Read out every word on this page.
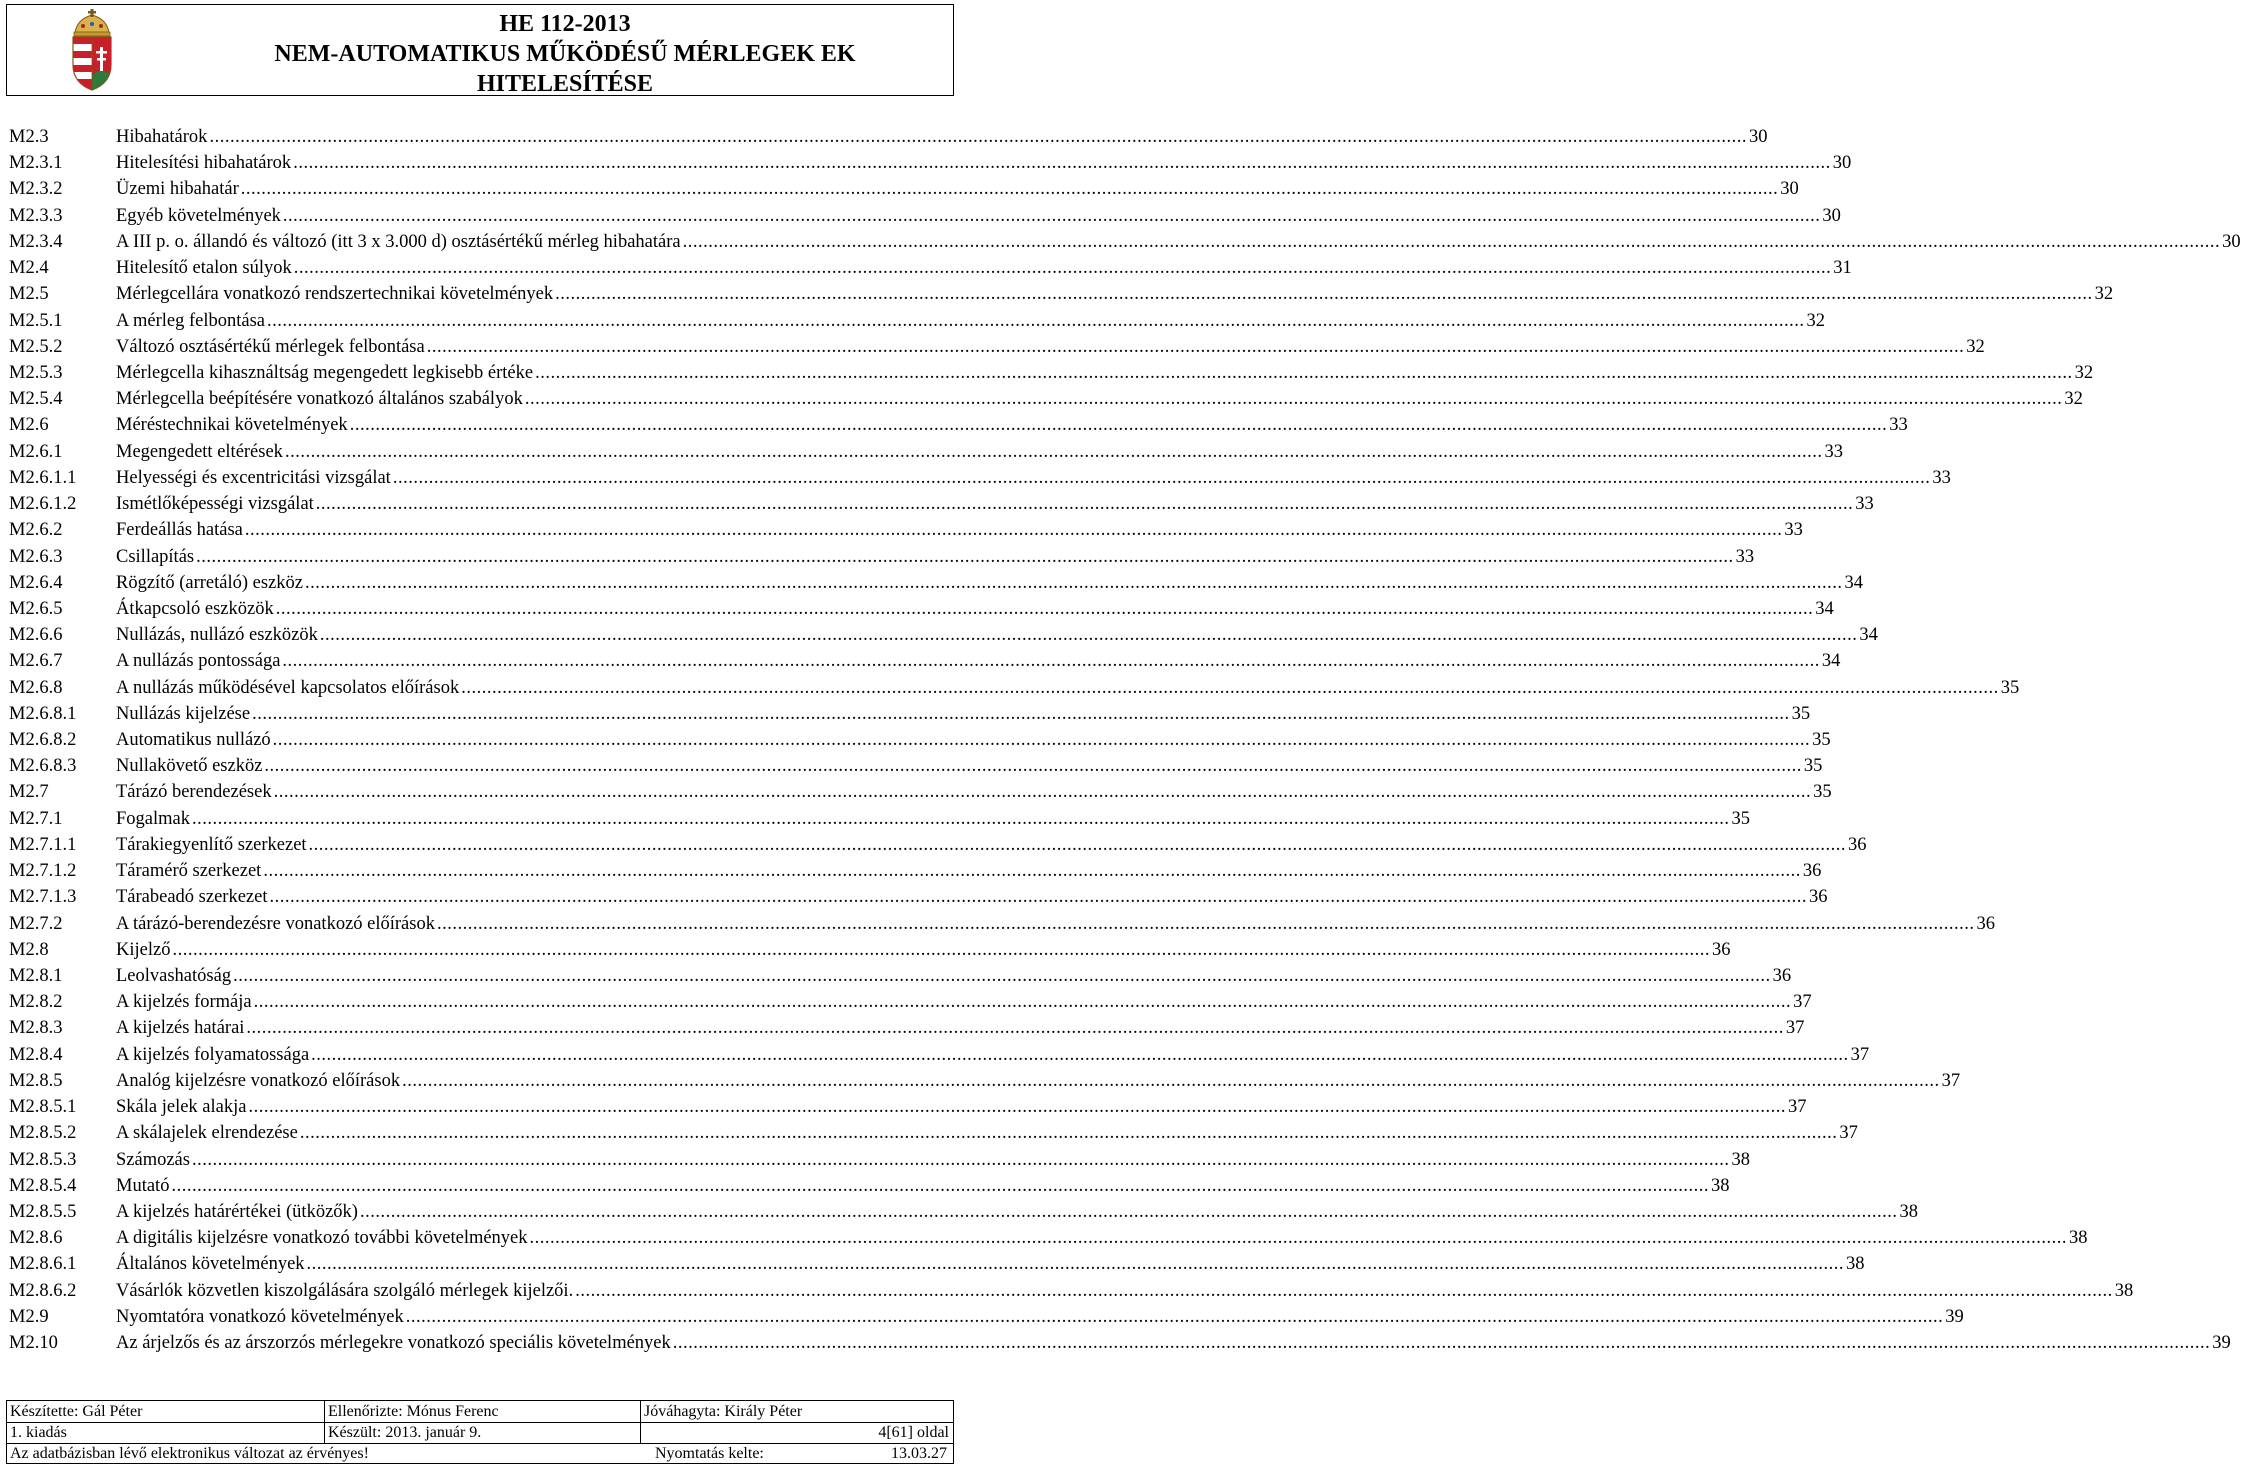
HE 112-2013
NEM-AUTOMATIKUS MŰKÖDÉSŰ MÉRLEGEK EK
HITELESÍTÉSE
M2.3	Hibahatárok ............................................................................................................................................................................................................................................................................................................ 30
M2.3.1	Hitelesítési hibahatárok ............................................................................................................................................................................................................................................................................................................ 30
M2.3.2	Üzemi hibahatár ............................................................................................................................................................................................................................................................................................................ 30
M2.3.3	Egyéb követelmények ............................................................................................................................................................................................................................................................................................................ 30
M2.3.4	A III p. o. állandó és változó (itt 3 x 3.000 d) osztásértékű mérleg hibahatára ............................................................................................................................................................................................................................................................................................................ 30
M2.4	Hitelesítő etalon súlyok ............................................................................................................................................................................................................................................................................................................ 31
M2.5	Mérlegcellára vonatkozó rendszertechnikai követelmények ............................................................................................................................................................................................................................................................................................................ 32
M2.5.1	A mérleg felbontása ............................................................................................................................................................................................................................................................................................................ 32
M2.5.2	Változó osztásértékű mérlegek felbontása ............................................................................................................................................................................................................................................................................................................ 32
M2.5.3	Mérlegcella kihasználtság megengedett legkisebb értéke ............................................................................................................................................................................................................................................................................................................ 32
M2.5.4	Mérlegcella beépítésére vonatkozó általános szabályok ............................................................................................................................................................................................................................................................................................................ 32
M2.6	Méréstechnikai követelmények ............................................................................................................................................................................................................................................................................................................ 33
M2.6.1	Megengedett eltérések ............................................................................................................................................................................................................................................................................................................ 33
M2.6.1.1 Helyességi és excentricitási vizsgálat ............................................................................................................................................................................................................................................................................................................ 33
M2.6.1.2 Ismétlőképességi vizsgálat ............................................................................................................................................................................................................................................................................................................ 33
M2.6.2	Ferdeállás hatása ............................................................................................................................................................................................................................................................................................................ 33
M2.6.3	Csillapítás ............................................................................................................................................................................................................................................................................................................ 33
M2.6.4	Rögzítő (arretáló) eszköz ............................................................................................................................................................................................................................................................................................................ 34
M2.6.5	Átkapcsoló eszközök ............................................................................................................................................................................................................................................................................................................ 34
M2.6.6	Nullázás, nullázó eszközök ............................................................................................................................................................................................................................................................................................................ 34
M2.6.7	A nullázás pontossága ............................................................................................................................................................................................................................................................................................................ 34
M2.6.8	A nullázás működésével kapcsolatos előírások ............................................................................................................................................................................................................................................................................................................ 35
M2.6.8.1 Nullázás kijelzése ............................................................................................................................................................................................................................................................................................................ 35
M2.6.8.2 Automatikus nullázó ............................................................................................................................................................................................................................................................................................................ 35
M2.6.8.3 Nullakövető eszköz ............................................................................................................................................................................................................................................................................................................ 35
M2.7	Tárázó berendezések ............................................................................................................................................................................................................................................................................................................ 35
M2.7.1	Fogalmak ............................................................................................................................................................................................................................................................................................................ 35
M2.7.1.1 Tárakiegyenlítő szerkezet ............................................................................................................................................................................................................................................................................................................ 36
M2.7.1.2 Táramérő szerkezet ............................................................................................................................................................................................................................................................................................................ 36
M2.7.1.3 Tárabeadó szerkezet ............................................................................................................................................................................................................................................................................................................ 36
M2.7.2	A tárázó-berendezésre vonatkozó előírások ............................................................................................................................................................................................................................................................................................................ 36
M2.8	Kijelző ............................................................................................................................................................................................................................................................................................................ 36
M2.8.1	Leolvashatóság ............................................................................................................................................................................................................................................................................................................ 36
M2.8.2	A kijelzés formája ............................................................................................................................................................................................................................................................................................................ 37
M2.8.3	A kijelzés határai ............................................................................................................................................................................................................................................................................................................ 37
M2.8.4	A kijelzés folyamatossága ............................................................................................................................................................................................................................................................................................................ 37
M2.8.5	Analóg kijelzésre vonatkozó előírások ............................................................................................................................................................................................................................................................................................................ 37
M2.8.5.1 Skála jelek alakja ............................................................................................................................................................................................................................................................................................................ 37
M2.8.5.2 A skálajelek elrendezése ............................................................................................................................................................................................................................................................................................................ 37
M2.8.5.3 Számozás ............................................................................................................................................................................................................................................................................................................ 38
M2.8.5.4 Mutató ............................................................................................................................................................................................................................................................................................................ 38
M2.8.5.5 A kijelzés határértékei (ütközők) ............................................................................................................................................................................................................................................................................................................ 38
M2.8.6	A digitális kijelzésre vonatkozó további követelmények ............................................................................................................................................................................................................................................................................................................ 38
M2.8.6.1 Általános követelmények ............................................................................................................................................................................................................................................................................................................ 38
M2.8.6.2 Vásárlók közvetlen kiszolgálására szolgáló mérlegek kijelzői. ............................................................................................................................................................................................................................................................................................................ 38
M2.9	Nyomtatóra vonatkozó követelmények ............................................................................................................................................................................................................................................................................................................ 39
M2.10	Az árjelzős és az árszorzós mérlegekre vonatkozó speciális követelmények ............................................................................................................................................................................................................................................................................................................ 39
Készítette: Gál Péter	Ellenőrizte: Mónus Ferenc	Jóváhagyta: Király Péter
1. kiadás	Készült: 2013. január 9.	4[61] oldal
Az adatbázisban lévő elektronikus változat az érvényes!	Nyomtatás kelte:	13.03.27
